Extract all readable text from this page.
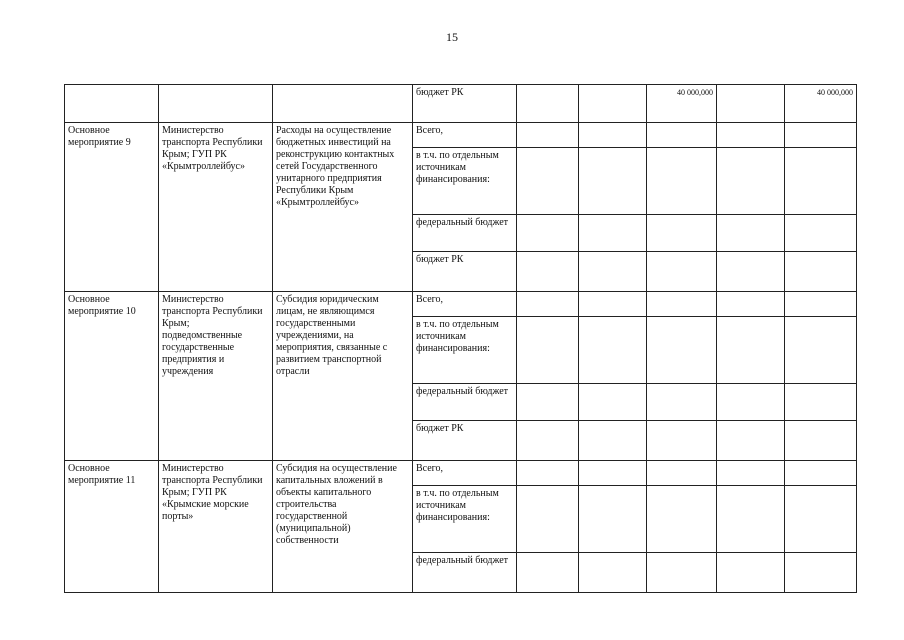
15
			бюджет РК			40 000,000		40 000,000
Основное мероприятие 9	Министерство транспорта Республики Крым; ГУП РК «Крымтроллейбус»	Расходы на осуществление бюджетных инвестиций на реконструкцию контактных сетей Государственного унитарного предприятия Республики Крым «Крымтроллейбус»	Всего,					
			в т.ч. по отдельным источникам финансирования:					
			федеральный бюджет					
			бюджет РК					
Основное мероприятие 10	Министерство транспорта Республики Крым; подведомственные государственные предприятия и учреждения	Субсидия юридическим лицам, не являющимся государственными учреждениями, на мероприятия, связанные с развитием транспортной отрасли	Всего,					
			в т.ч. по отдельным источникам финансирования:					
			федеральный бюджет					
			бюджет РК					
Основное мероприятие 11	Министерство транспорта Республики Крым; ГУП РК «Крымские морские порты»	Субсидия на осуществление капитальных вложений в объекты капитального строительства государственной (муниципальной) собственности	Всего,					
			в т.ч. по отдельным источникам финансирования:					
			федеральный бюджет					
